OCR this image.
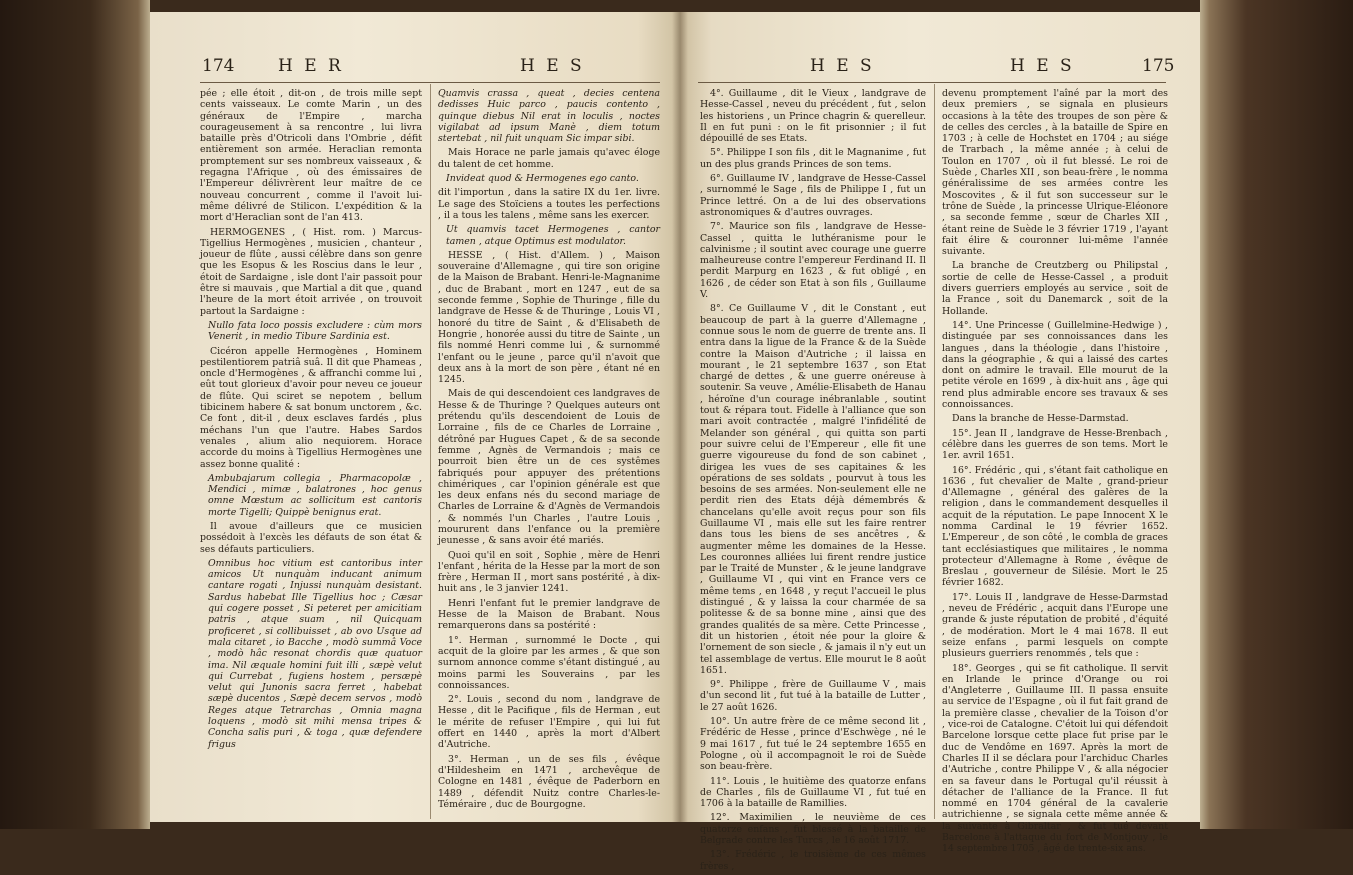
174	H E R	H E S

pée ; elle étoit , dit-on , de trois mille sept cents vaisseaux. Le comte Marin , un des généraux de l'Empire , marcha courageusement à sa rencontre , lui livra bataille près d'Otricoli dans l'Ombrie , défit entièrement son armée. Heraclian remonta promptement sur ses nombreux vaisseaux , & regagna l'Afrique , où des émissaires de l'Empereur délivrèrent leur maître de ce nouveau concurrent , comme il l'avoit lui-même délivré de Stilicon. L'expédition & la mort d'Heraclian sont de l'an 413.

HERMOGENES , ( Hist. rom. ) Marcus-Tigellius Hermogènes , musicien , chanteur , joueur de flûte , aussi célèbre dans son genre que les Esopus & les Roscius dans le leur , étoit de Sardaigne , isle dont l'air passoit pour être si mauvais , que Martial a dit que , quand l'heure de la mort étoit arrivée , on trouvoit partout la Sardaigne :

Nullo fata loco possis excludere : cùm mors Venerit , in medio Tibure Sardinia est.

Cicéron appelle Hermogènes , Hominem pestilentiorem patriâ suâ. Il dit que Phameas , oncle d'Hermogènes , & affranchi comme lui , eût tout glorieux d'avoir pour neveu ce joueur de flûte. Qui sciret se nepotem , bellum tibicinem habere & sat bonum unctorem , &c. Ce font , dit-il , deux esclaves fardés , plus méchans l'un que l'autre. Habes Sardos venales , alium alio nequiorem. Horace accorde du moins à Tigellius Hermogènes une assez bonne qualité :

Ambubajarum collegia , Pharmacopolæ , Mendici , mimæ , balatrones , hoc genus omne Mœstum ac sollicitum est cantoris morte Tigelli; Quippè benignus erat.

Il avoue d'ailleurs que ce musicien possédoit à l'excès les défauts de son état & ses défauts particuliers.

Omnibus hoc vitium est cantoribus inter amicos Ut nunquàm inducant animum cantare rogati , Injussi nunquàm desistant. Sardus habebat Ille Tigellius hoc ; Cæsar qui cogere posset , Si peteret per amicitiam patris , atque suam , nil Quicquam proficeret , si collibuisset , ab ovo Usque ad mala citaret , io Bacche , modò summâ Voce , modò hâc resonat chordis quæ quatuor ima. Nil æquale homini fuit illi , sæpè velut qui Currebat , fugiens hostem , persæpè velut qui Junonis sacra ferret , habebat sæpè ducentos , Sæpè decem servos , modò Reges atque Tetrarchas , Omnia magna loquens , modò sit mihi mensa tripes & Concha salis puri , & toga , quæ defendere frigus

Quamvis crassa , queat , decies centena dedisses Huic parco , paucis contento , quinque diebus Nil erat in loculis , noctes vigilabat ad ipsum Manè , diem totum stertebat , nil fuit unquam Sic impar sibi.

Mais Horace ne parle jamais qu'avec éloge du talent de cet homme.

Invideat quod & Hermogenes ego canto.

dit l'importun , dans la satire IX du 1er. livre. Le sage des Stoïciens a toutes les perfections , il a tous les talens , même sans les exercer.

Ut quamvis tacet Hermogenes , cantor tamen , atque Optimus est modulator.

HESSE , ( Hist. d'Allem. ) , Maison souveraine d'Allemagne , qui tire son origine de la Maison de Brabant. Henri-le-Magnanime , duc de Brabant , mort en 1247 , eut de sa seconde femme , Sophie de Thuringe , fille du landgrave de Hesse & de Thuringe , Louis VI , honoré du titre de Saint , & d'Elisabeth de Hongrie , honorée aussi du titre de Sainte , un fils nommé Henri comme lui , & surnommé l'enfant ou le jeune , parce qu'il n'avoit que deux ans à la mort de son père , étant né en 1245.

Mais de qui descendoient ces landgraves de Hesse & de Thuringe ? Quelques auteurs ont prétendu qu'ils descendoient de Louis de Lorraine , fils de ce Charles de Lorraine , détrôné par Hugues Capet , & de sa seconde femme , Agnès de Vermandois ; mais ce pourroit bien être un de ces systêmes fabriqués pour appuyer des prétentions chimériques , car l'opinion générale est que les deux enfans nés du second mariage de Charles de Lorraine & d'Agnès de Vermandois , & nommés l'un Charles , l'autre Louis , moururent dans l'enfance ou la première jeunesse , & sans avoir été mariés.

Quoi qu'il en soit , Sophie , mère de Henri l'enfant , hérita de la Hesse par la mort de son frère , Herman II , mort sans postérité , à dix-huit ans , le 3 janvier 1241.

Henri l'enfant fut le premier landgrave de Hesse de la Maison de Brabant. Nous remarquerons dans sa postérité :

1°. Herman , surnommé le Docte , qui acquit de la gloire par les armes , & que son surnom annonce comme s'étant distingué , au moins parmi les Souverains , par les connoissances.

2°. Louis , second du nom , landgrave de Hesse , dit le Pacifique , fils de Herman , eut le mérite de refuser l'Empire , qui lui fut offert en 1440 , après la mort d'Albert d'Autriche.

3°. Herman , un de ses fils , évêque d'Hildesheim en 1471 , archevêque de Cologne en 1481 , évêque de Paderborn en 1489 , défendit Nuitz contre Charles-le-Téméraire , duc de Bourgogne.

H E S	H E S	175

4°. Guillaume , dit le Vieux , landgrave de Hesse-Cassel , neveu du précédent , fut , selon les historiens , un Prince chagrin & querelleur. Il en fut puni : on le fit prisonnier ; il fut dépouillé de ses Etats.

5°. Philippe I son fils , dit le Magnanime , fut un des plus grands Princes de son tems.

6°. Guillaume IV , landgrave de Hesse-Cassel , surnommé le Sage , fils de Philippe I , fut un Prince lettré. On a de lui des observations astronomiques & d'autres ouvrages.

7°. Maurice son fils , landgrave de Hesse-Cassel , quitta le luthéranisme pour le calvinisme ; il soutint avec courage une guerre malheureuse contre l'empereur Ferdinand II. Il perdit Marpurg en 1623 , & fut obligé , en 1626 , de céder son Etat à son fils , Guillaume V.

8°. Ce Guillaume V , dit le Constant , eut beaucoup de part à la guerre d'Allemagne , connue sous le nom de guerre de trente ans. Il entra dans la ligue de la France & de la Suède contre la Maison d'Autriche ; il laissa en mourant , le 21 septembre 1637 , son Etat chargé de dettes , & une guerre onéreuse à soutenir. Sa veuve , Amélie-Elisabeth de Hanau , héroïne d'un courage inébranlable , soutint tout & répara tout. Fidelle à l'alliance que son mari avoit contractée , malgré l'infidélité de Melander son général , qui quitta son parti pour suivre celui de l'Empereur , elle fit une guerre vigoureuse du fond de son cabinet , dirigea les vues de ses capitaines & les opérations de ses soldats , pourvut à tous les besoins de ses armées. Non-seulement elle ne perdit rien des Etats déjà démembrés & chancelans qu'elle avoit reçus pour son fils Guillaume VI , mais elle sut les faire rentrer dans tous les biens de ses ancêtres , & augmenter même les domaines de la Hesse. Les couronnes alliées lui firent rendre justice par le Traité de Munster , & le jeune landgrave , Guillaume VI , qui vint en France vers ce même tems , en 1648 , y reçut l'accueil le plus distingué , & y laissa la cour charmée de sa politesse & de sa bonne mine , ainsi que des grandes qualités de sa mère. Cette Princesse , dit un historien , étoit née pour la gloire & l'ornement de son siecle , & jamais il n'y eut un tel assemblage de vertus. Elle mourut le 8 août 1651.

9°. Philippe , frère de Guillaume V , mais d'un second lit , fut tué à la bataille de Lutter , le 27 août 1626.

10°. Un autre frère de ce même second lit , Frédéric de Hesse , prince d'Eschwège , né le 9 mai 1617 , fut tué le 24 septembre 1655 en Pologne , où il accompagnoit le roi de Suède son beau-frère.

11°. Louis , le huitième des quatorze enfans de Charles , fils de Guillaume VI , fut tué en 1706 à la bataille de Ramillies.

12°. Maximilien , le neuvième de ces quatorze enfans , fut blessé à la bataille de Belgrade contre les Turcs , le 16 août 1717.

13°. Frédéric , le troisième de ces mêmes frères ,

devenu promptement l'aîné par la mort des deux premiers , se signala en plusieurs occasions à la tête des troupes de son père & de celles des cercles , à la bataille de Spire en 1703 ; à celle de Hochstet en 1704 ; au siége de Trarbach , la même année ; à celui de Toulon en 1707 , où il fut blessé. Le roi de Suède , Charles XII , son beau-frère , le nomma généralissime de ses armées contre les Moscovites , & il fut son successeur sur le trône de Suède , la princesse Ulrique-Eléonore , sa seconde femme , sœur de Charles XII , étant reine de Suède le 3 février 1719 , l'ayant fait élire & couronner lui-même l'année suivante.

La branche de Creutzberg ou Philipstal , sortie de celle de Hesse-Cassel , a produit divers guerriers employés au service , soit de la France , soit du Danemarck , soit de la Hollande.

14°. Une Princesse ( Guillelmine-Hedwige ) , distinguée par ses connoissances dans les langues , dans la théologie , dans l'histoire , dans la géographie , & qui a laissé des cartes dont on admire le travail. Elle mourut de la petite vérole en 1699 , à dix-huit ans , âge qui rend plus admirable encore ses travaux & ses connoissances.

Dans la branche de Hesse-Darmstad.

15°. Jean II , landgrave de Hesse-Brenbach , célèbre dans les guerres de son tems. Mort le 1er. avril 1651.

16°. Frédéric , qui , s'étant fait catholique en 1636 , fut chevalier de Malte , grand-prieur d'Allemagne , général des galères de la religion , dans le commandement desquelles il acquit de la réputation. Le pape Innocent X le nomma Cardinal le 19 février 1652. L'Empereur , de son côté , le combla de graces tant ecclésiastiques que militaires , le nomma protecteur d'Allemagne à Rome , évêque de Breslau , gouverneur de Silésie. Mort le 25 février 1682.

17°. Louis II , landgrave de Hesse-Darmstad , neveu de Frédéric , acquit dans l'Europe une grande & juste réputation de probité , d'équité , de modération. Mort le 4 mai 1678. Il eut seize enfans , parmi lesquels on compte plusieurs guerriers renommés , tels que :

18°. Georges , qui se fit catholique. Il servit en Irlande le prince d'Orange ou roi d'Angleterre , Guillaume III. Il passa ensuite au service de l'Espagne , où il fut fait grand de la première classe , chevalier de la Toison d'or , vice-roi de Catalogne. C'étoit lui qui défendoit Barcelone lorsque cette place fut prise par le duc de Vendôme en 1697. Après la mort de Charles II il se déclara pour l'archiduc Charles d'Autriche , contre Philippe V , & alla négocier en sa faveur dans le Portugal qu'il réussit à détacher de l'alliance de la France. Il fut nommé en 1704 général de la cavalerie autrichienne , se signala cette même année & la suivante à Gibraltar , & fut tué devant Barcelone à l'attaque du fort de Montjouy , le 14 septembre 1705 , âgé de trente-six ans.
